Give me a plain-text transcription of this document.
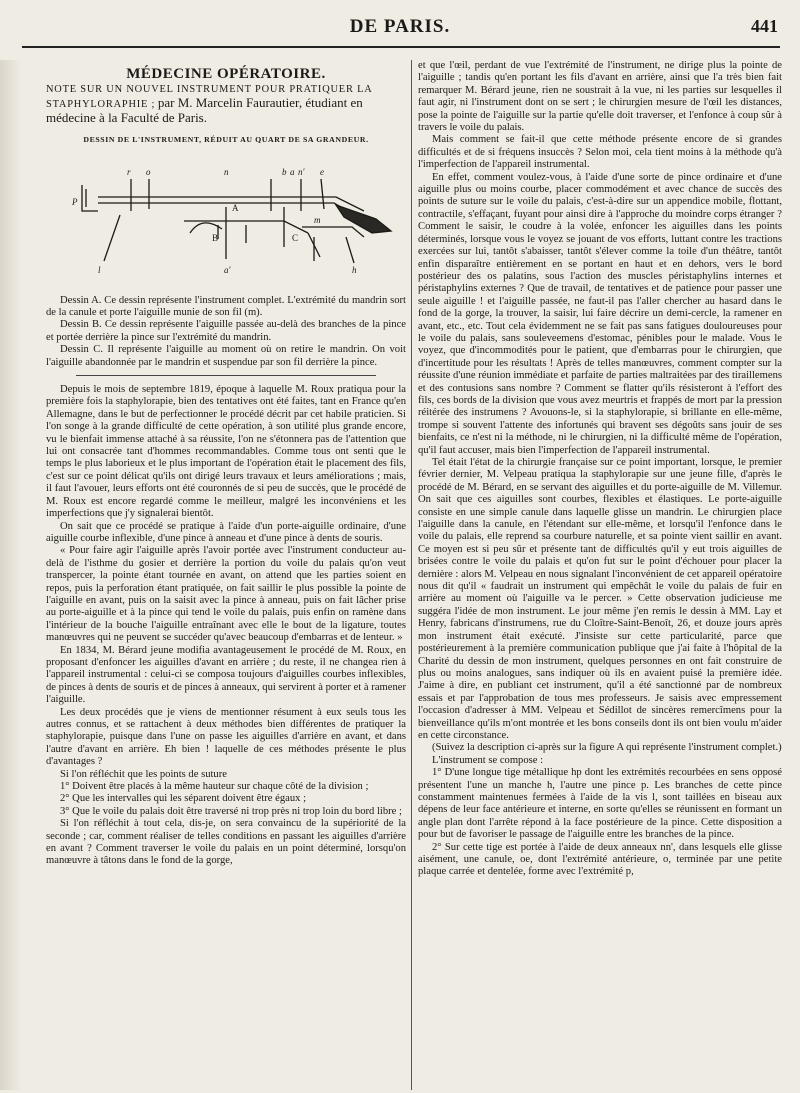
DE PARIS.	441
MÉDECINE OPÉRATOIRE.
NOTE SUR UN NOUVEL INSTRUMENT POUR PRATIQUER LA STAPHYLORAPHIE ; par M. Marcelin Faurautier, étudiant en médecine à la Faculté de Paris.
DESSIN DE L'INSTRUMENT, RÉDUIT AU QUART DE SA GRANDEUR.
r o	n	b a n' e
P
A
m
B	C
l	a'	h

Dessin A. Ce dessin représente l'instrument complet. L'extrémité du mandrin sort de la canule et porte l'aiguille munie de son fil (m).

Dessin B. Ce dessin représente l'aiguille passée au-delà des branches de la pince et portée derrière la pince sur l'extrémité du mandrin.

Dessin C. Il représente l'aiguille au moment où on retire le mandrin. On voit l'aiguille abandonnée par le mandrin et suspendue par son fil derrière la pince.

Depuis le mois de septembre 1819, époque à laquelle M. Roux pratiqua pour la première fois la staphylorapie, bien des tentatives ont été faites, tant en France qu'en Allemagne, dans le but de perfectionner le procédé décrit par cet habile praticien. Si l'on songe à la grande difficulté de cette opération, à son utilité plus grande encore, vu le bienfait immense attaché à sa réussite, l'on ne s'étonnera pas de l'attention que lui ont consacrée tant d'hommes recommandables. Comme tous ont senti que le temps le plus laborieux et le plus important de l'opération était le placement des fils, c'est sur ce point délicat qu'ils ont dirigé leurs travaux et leurs améliorations ; mais, il faut l'avouer, leurs efforts ont été couronnés de si peu de succès, que le procédé de M. Roux est encore regardé comme le meilleur, malgré les inconvéniens et les imperfections que j'y signalerai bientôt.

On sait que ce procédé se pratique à l'aide d'un porte-aiguille ordinaire, d'une aiguille courbe inflexible, d'une pince à anneau et d'une pince à dents de souris.

« Pour faire agir l'aiguille après l'avoir portée avec l'instrument conducteur au-delà de l'isthme du gosier et derrière la portion du voile du palais qu'on veut transpercer, la pointe étant tournée en avant, on attend que les parties soient en repos, puis la perforation étant pratiquée, on fait saillir le plus possible la pointe de l'aiguille en avant, puis on la saisit avec la pince à anneau, puis on fait lâcher prise au porte-aiguille et à la pince qui tend le voile du palais, puis enfin on ramène dans l'intérieur de la bouche l'aiguille entraînant avec elle le bout de la ligature, toutes manœuvres qui ne peuvent se succéder qu'avec beaucoup d'embarras et de lenteur. »

En 1834, M. Bérard jeune modifia avantageusement le procédé de M. Roux, en proposant d'enfoncer les aiguilles d'avant en arrière ; du reste, il ne changea rien à l'appareil instrumental : celui-ci se composa toujours d'aiguilles courbes inflexibles, de pinces à dents de souris et de pinces à anneaux, qui servirent à porter et à ramener l'aiguille.

Les deux procédés que je viens de mentionner résument à eux seuls tous les autres connus, et se rattachent à deux méthodes bien différentes de pratiquer la staphylorapie, puisque dans l'une on passe les aiguilles d'arrière en avant, et dans l'autre d'avant en arrière. Eh bien ! laquelle de ces méthodes présente le plus d'avantages ?

Si l'on réfléchit que les points de suture

1° Doivent être placés à la même hauteur sur chaque côté de la division ;

2° Que les intervalles qui les séparent doivent être égaux ;

3° Que le voile du palais doit être traversé ni trop près ni trop loin du bord libre ;

Si l'on réfléchit à tout cela, dis-je, on sera convaincu de la supériorité de la seconde ; car, comment réaliser de telles conditions en passant les aiguilles d'arrière en avant ? Comment traverser le voile du palais en un point déterminé, lorsqu'on manœuvre à tâtons dans le fond de la gorge,

et que l'œil, perdant de vue l'extrémité de l'instrument, ne dirige plus la pointe de l'aiguille ; tandis qu'en portant les fils d'avant en arrière, ainsi que l'a très bien fait remarquer M. Bérard jeune, rien ne soustrait à la vue, ni les parties sur lesquelles il faut agir, ni l'instrument dont on se sert ; le chirurgien mesure de l'œil les distances, pose la pointe de l'aiguille sur la partie qu'elle doit traverser, et l'enfonce à coup sûr à travers le voile du palais.

Mais comment se fait-il que cette méthode présente encore de si grandes difficultés et de si fréquens insuccès ? Selon moi, cela tient moins à la méthode qu'à l'imperfection de l'appareil instrumental.

En effet, comment voulez-vous, à l'aide d'une sorte de pince ordinaire et d'une aiguille plus ou moins courbe, placer commodément et avec chance de succès des points de suture sur le voile du palais, c'est-à-dire sur un appendice mobile, flottant, contractile, s'effaçant, fuyant pour ainsi dire à l'approche du moindre corps étranger ? Comment le saisir, le coudre à la volée, enfoncer les aiguilles dans les points déterminés, lorsque vous le voyez se jouant de vos efforts, luttant contre les tractions exercées sur lui, tantôt s'abaisser, tantôt s'élever comme la toile d'un théâtre, tantôt enfin disparaître entièrement en se portant en haut et en dehors, vers le bord postérieur des os palatins, sous l'action des muscles péristaphylins internes et péristaphylins externes ? Que de travail, de tentatives et de patience pour passer une seule aiguille ! et l'aiguille passée, ne faut-il pas l'aller chercher au hasard dans le fond de la gorge, la trouver, la saisir, lui faire décrire un demi-cercle, la ramener en avant, etc., etc. Tout cela évidemment ne se fait pas sans fatigues douloureuses pour le voile du palais, sans souleveemens d'estomac, pénibles pour le malade. Vous le voyez, que d'incommodités pour le patient, que d'embarras pour le chirurgien, que d'incertitude pour les résultats ! Après de telles manœuvres, comment compter sur la réussite d'une réunion immédiate et parfaite de parties maltraitées par des tiraillemens et des contusions sans nombre ? Comment se flatter qu'ils résisteront à l'effort des fils, ces bords de la division que vous avez meurtris et frappés de mort par la pression réitérée des instrumens ? Avouons-le, si la staphylorapie, si brillante en elle-même, trompe si souvent l'attente des infortunés qui bravent ses dégoûts sans jouir de ses bienfaits, ce n'est ni la méthode, ni le chirurgien, ni la difficulté même de l'opération, qu'il faut accuser, mais bien l'imperfection de l'appareil instrumental.

Tel était l'état de la chirurgie française sur ce point important, lorsque, le premier février dernier, M. Velpeau pratiqua la staphylorapie sur une jeune fille, d'après le procédé de M. Bérard, en se servant des aiguilles et du porte-aiguille de M. Villemur. On sait que ces aiguilles sont courbes, flexibles et élastiques. Le porte-aiguille consiste en une simple canule dans laquelle glisse un mandrin. Le chirurgien place l'aiguille dans la canule, en l'étendant sur elle-même, et lorsqu'il l'enfonce dans le voile du palais, elle reprend sa courbure naturelle, et sa pointe vient saillir en avant. Ce moyen est si peu sûr et présente tant de difficultés qu'il y eut trois aiguilles de brisées contre le voile du palais et qu'on fut sur le point d'échouer pour placer la dernière : alors M. Velpeau en nous signalant l'inconvénient de cet appareil opératoire nous dit qu'il « faudrait un instrument qui empêchât le voile du palais de fuir en arrière au moment où l'aiguille va le percer. » Cette observation judicieuse me suggéra l'idée de mon instrument. Le jour même j'en remis le dessin à MM. Lay et Henry, fabricans d'instrumens, rue du Cloître-Saint-Benoît, 26, et douze jours après mon instrument était exécuté. J'insiste sur cette particularité, parce que postérieurement à la première communication publique que j'ai faite à l'hôpital de la Charité du dessin de mon instrument, quelques personnes en ont fait construire de plus ou moins analogues, sans indiquer où ils en avaient puisé la première idée. J'aime à dire, en publiant cet instrument, qu'il a été sanctionné par de nombreux essais et par l'approbation de tous mes professeurs. Je saisis avec empressement l'occasion d'adresser à MM. Velpeau et Sédillot de sincères remercîmens pour la bienveillance qu'ils m'ont montrée et les bons conseils dont ils ont bien voulu m'aider en cette circonstance.

(Suivez la description ci-après sur la figure A qui représente l'instrument complet.)

L'instrument se compose :

1° D'une longue tige métallique hp dont les extrémités recourbées en sens opposé présentent l'une un manche h, l'autre une pince p. Les branches de cette pince constamment maintenues fermées à l'aide de la vis l, sont taillées en biseau aux dépens de leur face antérieure et interne, en sorte qu'elles se réunissent en formant un angle plan dont l'arrête répond à la face postérieure de la pince. Cette disposition a pour but de favoriser le passage de l'aiguille entre les branches de la pince.

2° Sur cette tige est portée à l'aide de deux anneaux nn', dans lesquels elle glisse aisément, une canule, oe, dont l'extrémité antérieure, o, terminée par une petite plaque carrée et dentelée, forme avec l'extrémité p,
